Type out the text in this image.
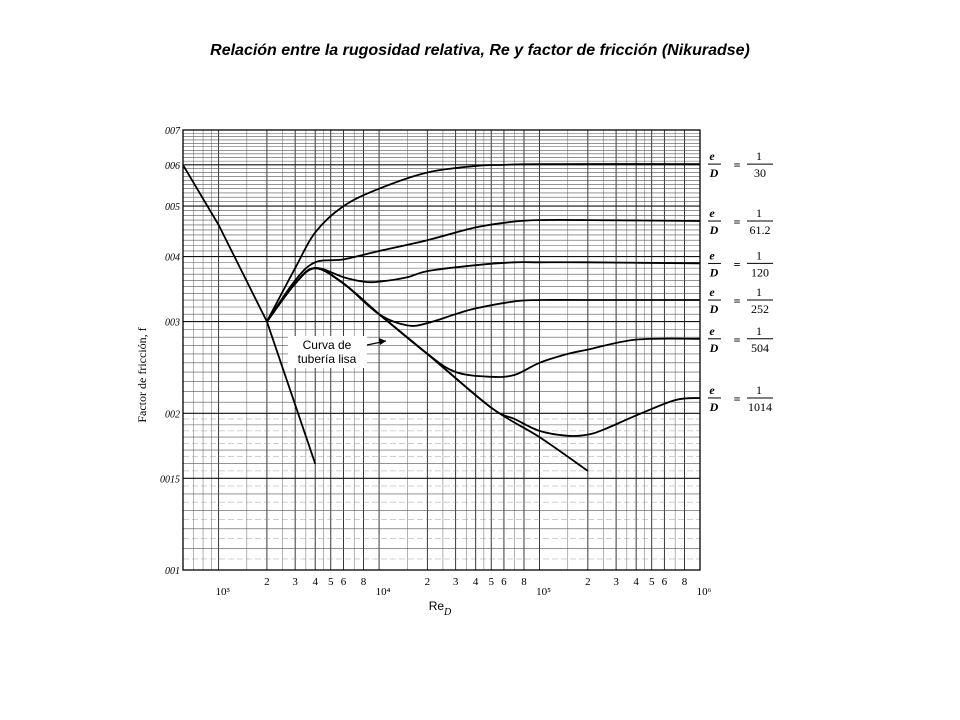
Relación entre la rugosidad relativa, Re y factor de fricción (Nikuradse)
007
006
005
004
003
002
0015
001
10³
2 3 4 5 6 8
10⁴
2 3 4 5 6 8
10⁵
2 3 4 5 6 8
10⁶
$Re_D$
Factor de fricción, f
e
D
=
1
30
e
D
=
1
61.2
e
D
=
1
120
e
D
=
1
252
e
D
=
1
504
e
D
=
1
1014
Curva de
tubería lisa
